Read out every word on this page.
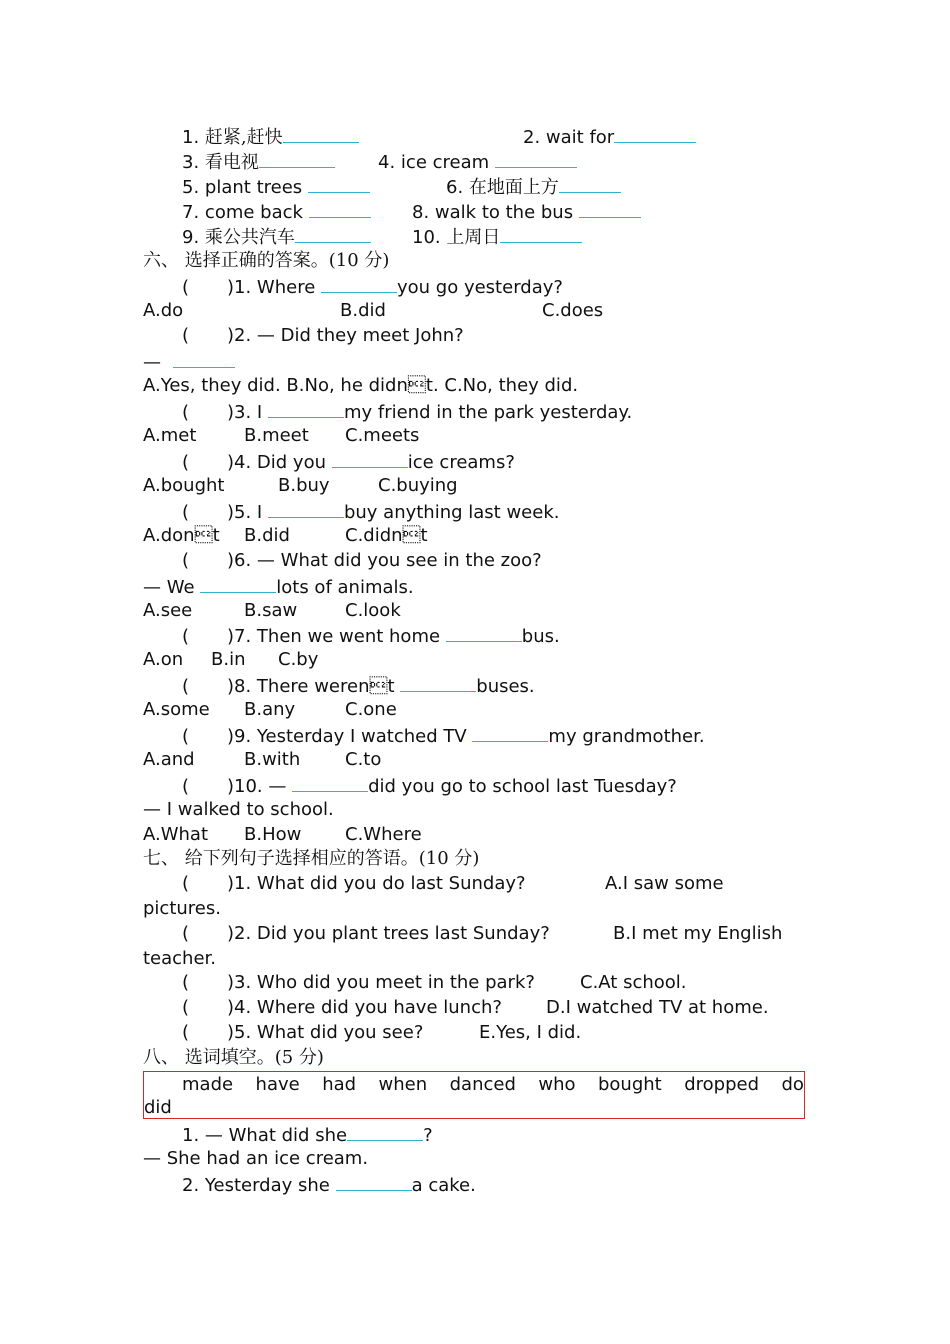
1. 赶紧,赶快	2. wait for
3. 看电视	4. ice cream
5. plant trees	6. 在地面上方
7. come back	8. walk to the bus
9. 乘公共汽车	10. 上周日
六、 选择正确的答案。(10 分)
( )1. Where	you go yesterday?
A.do	B.did	C.does
( )2. — Did they meet John?
—
A.Yes, they did. B.No, he didnt. C.No, they did.
( )3. I	my friend in the park yesterday.
A.met	B.meet C.meets
( )4. Did you	ice creams?
A.bought	B.buy	C.buying
( )5. I	buy anything last week.
A.dont B.did	C.didnt
( )6. — What did you see in the zoo?
— We	lots of animals.
A.see	B.saw	C.look
( )7. Then we went home	bus.
A.on B.in C.by
( )8. There werent	buses.
A.some B.any	C.one
( )9. Yesterday I watched TV	my grandmother.
A.and	B.with C.to
( )10. —	did you go to school last Tuesday?
— I walked to school.
A.What B.How C.Where
七、 给下列句子选择相应的答语。(10 分)
( )1. What did you do last Sunday?	A.I saw some
pictures.
( )2. Did you plant trees last Sunday?	B.I met my English
teacher.
( )3. Who did you meet in the park?	C.At school.
( )4. Where did you have lunch? D.I watched TV at home.
( )5. What did you see?	E.Yes, I did.
八、 选词填空。(5 分)
made have had when danced who bought dropped do
did
1. — What did she	?
— She had an ice cream.
2. Yesterday she	a cake.
